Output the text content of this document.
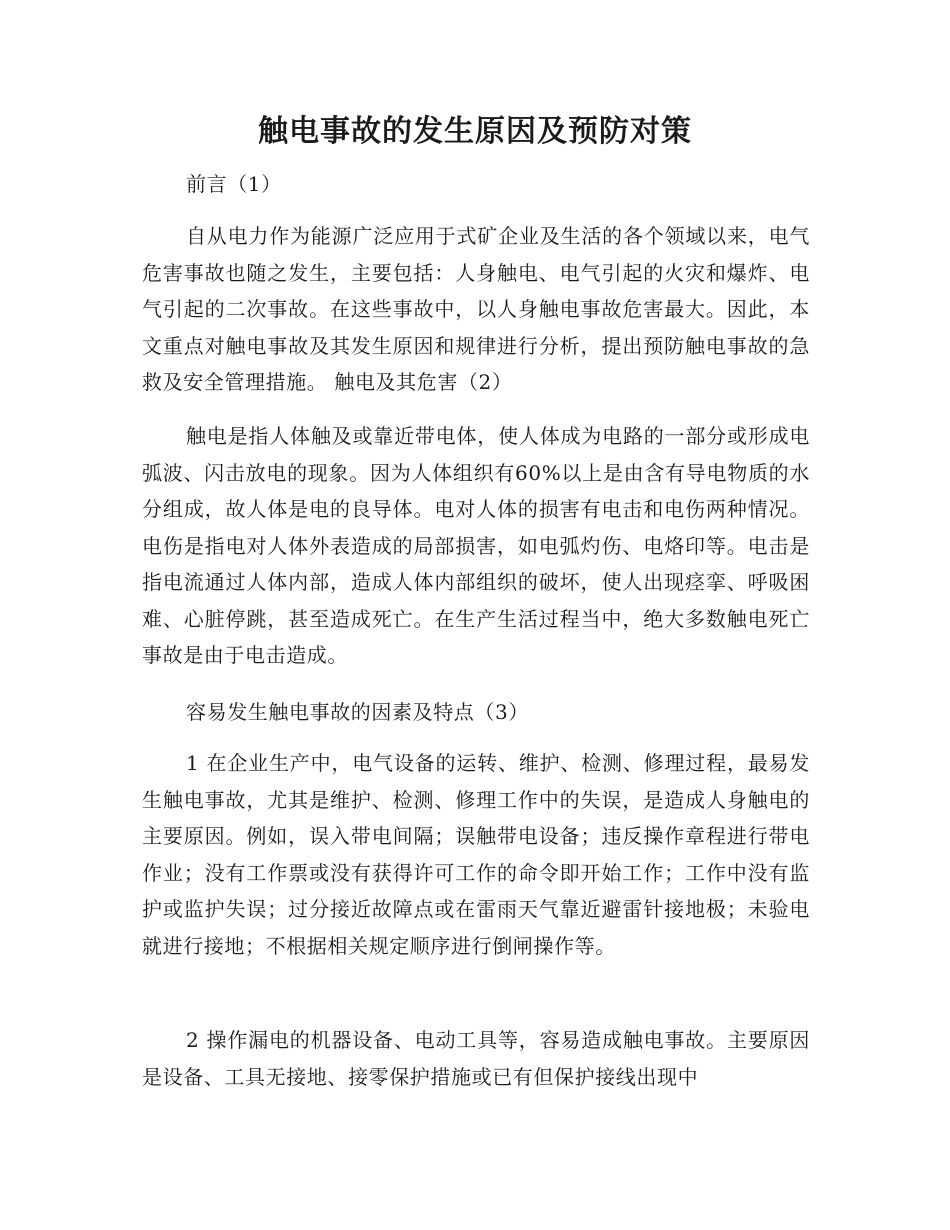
触电事故的发生原因及预防对策

前言（1）

自从电力作为能源广泛应用于式矿企业及生活的各个领域以来，电气危害事故也随之发生，主要包括：人身触电、电气引起的火灾和爆炸、电气引起的二次事故。在这些事故中，以人身触电事故危害最大。因此，本文重点对触电事故及其发生原因和规律进行分析，提出预防触电事故的急救及安全管理措施。 触电及其危害（2）

触电是指人体触及或靠近带电体，使人体成为电路的一部分或形成电弧波、闪击放电的现象。因为人体组织有60%以上是由含有导电物质的水分组成，故人体是电的良导体。电对人体的损害有电击和电伤两种情况。电伤是指电对人体外表造成的局部损害，如电弧灼伤、电烙印等。电击是指电流通过人体内部，造成人体内部组织的破坏，使人出现痉挛、呼吸困难、心脏停跳，甚至造成死亡。在生产生活过程当中，绝大多数触电死亡事故是由于电击造成。

容易发生触电事故的因素及特点（3）

1 在企业生产中，电气设备的运转、维护、检测、修理过程，最易发生触电事故，尤其是维护、检测、修理工作中的失误，是造成人身触电的主要原因。例如，误入带电间隔；误触带电设备；违反操作章程进行带电作业；没有工作票或没有获得许可工作的命令即开始工作；工作中没有监护或监护失误；过分接近故障点或在雷雨天气靠近避雷针接地极；未验电就进行接地；不根据相关规定顺序进行倒闸操作等。

2 操作漏电的机器设备、电动工具等，容易造成触电事故。主要原因是设备、工具无接地、接零保护措施或已有但保护接线出现中
